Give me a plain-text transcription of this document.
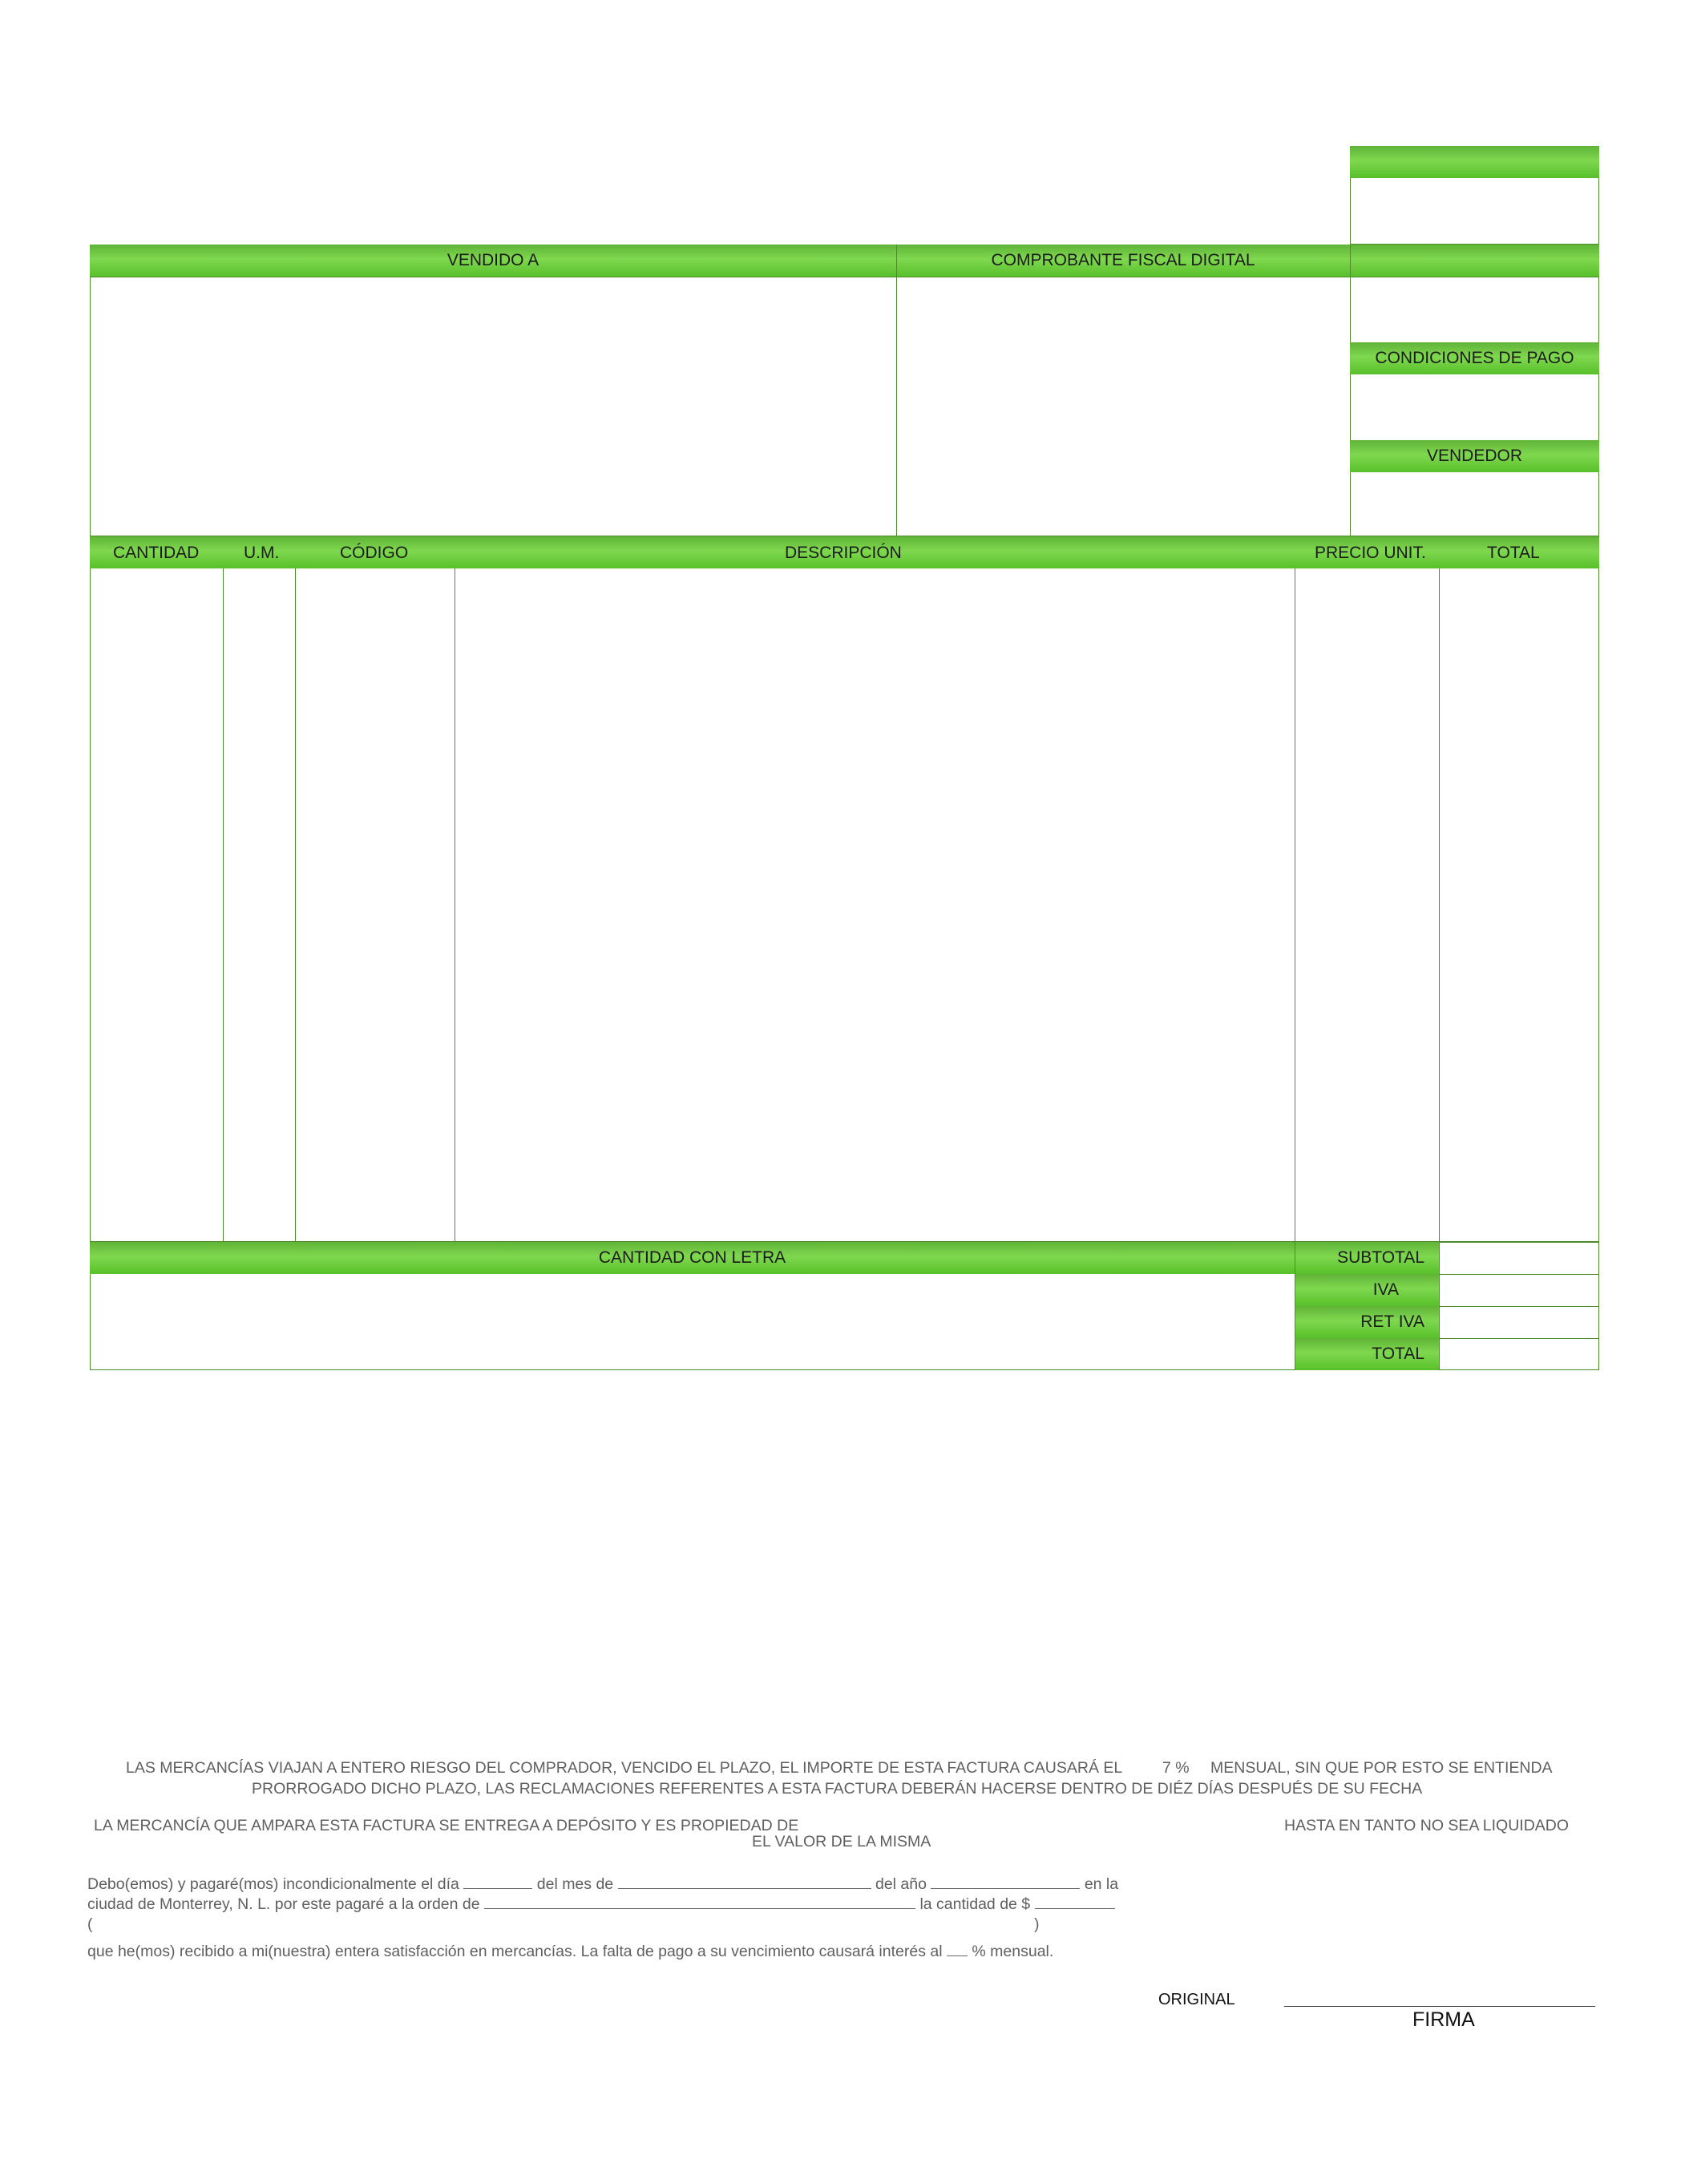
VENDIDO A	COMPROBANTE FISCAL DIGITAL
CONDICIONES DE PAGO
VENDEDOR
CANTIDAD	U.M.	CÓDIGO	DESCRIPCIÓN	PRECIO UNIT.	TOTAL
CANTIDAD CON LETRA	SUBTOTAL
IVA
RET IVA
TOTAL
LAS MERCANCÍAS VIAJAN A ENTERO RIESGO DEL COMPRADOR, VENCIDO EL PLAZO, EL IMPORTE DE ESTA FACTURA CAUSARÁ EL	7 % MENSUAL, SIN QUE POR ESTO SE ENTIENDA
PRORROGADO DICHO PLAZO, LAS RECLAMACIONES REFERENTES A ESTA FACTURA DEBERÁN HACERSE DENTRO DE DIÉZ DÍAS DESPUÉS DE SU FECHA
LA MERCANCÍA QUE AMPARA ESTA FACTURA SE ENTREGA A DEPÓSITO Y ES PROPIEDAD DE	HASTA EN TANTO NO SEA LIQUIDADO
EL VALOR DE LA MISMA
Debo(emos) y pagaré(mos) incondicionalmente el día	del mes de	del año	en la
ciudad de Monterrey, N. L. por este pagaré a la orden de	la cantidad de $
(	)
que he(mos) recibido a mi(nuestra) entera satisfacción en mercancías. La falta de pago a su vencimiento causará interés al % mensual.
ORIGINAL
FIRMA
